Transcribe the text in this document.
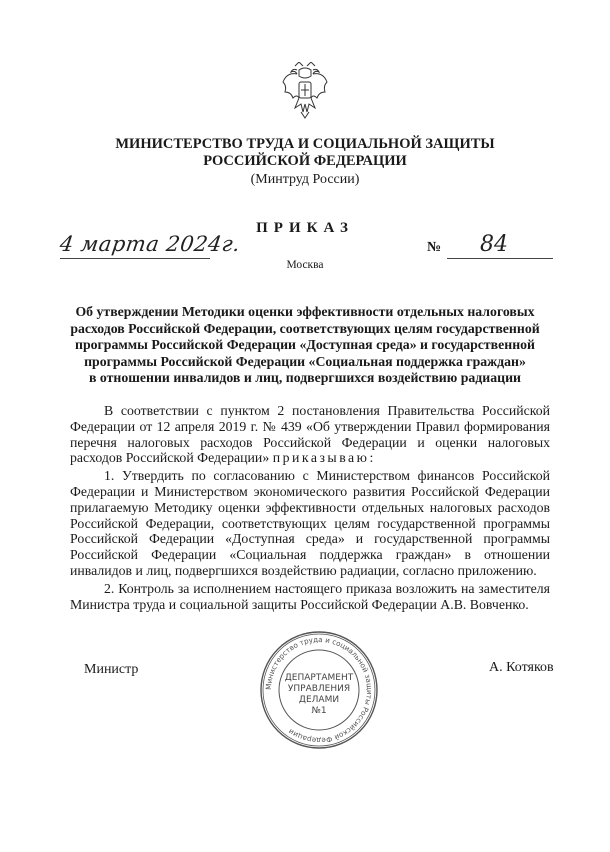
МИНИСТЕРСТВО ТРУДА И СОЦИАЛЬНОЙ ЗАЩИТЫ
РОССИЙСКОЙ ФЕДЕРАЦИИ
(Минтруд России)
ПРИКАЗ
4 марта 2024г.	№ 84
Москва
Об утверждении Методики оценки эффективности отдельных налоговых
расходов Российской Федерации, соответствующих целям государственной
программы Российской Федерации «Доступная среда» и государственной
программы Российской Федерации «Социальная поддержка граждан»
в отношении инвалидов и лиц, подвергшихся воздействию радиации

В соответствии с пунктом 2 постановления Правительства Российской Федерации от 12 апреля 2019 г. № 439 «Об утверждении Правил формирования перечня налоговых расходов Российской Федерации и оценки налоговых расходов Российской Федерации» приказываю:

1. Утвердить по согласованию с Министерством финансов Российской Федерации и Министерством экономического развития Российской Федерации прилагаемую Методику оценки эффективности отдельных налоговых расходов Российской Федерации, соответствующих целям государственной программы Российской Федерации «Доступная среда» и государственной программы Российской Федерации «Социальная поддержка граждан» в отношении инвалидов и лиц, подвергшихся воздействию радиации, согласно приложению.

2. Контроль за исполнением настоящего приказа возложить на заместителя Министра труда и социальной защиты Российской Федерации А.В. Вовченко.

Министр	А. Котяков
Министерство труда и социальной защиты Российской Федерации
ДЕПАРТАМЕНТ
УПРАВЛЕНИЯ
ДЕЛАМИ
№1
